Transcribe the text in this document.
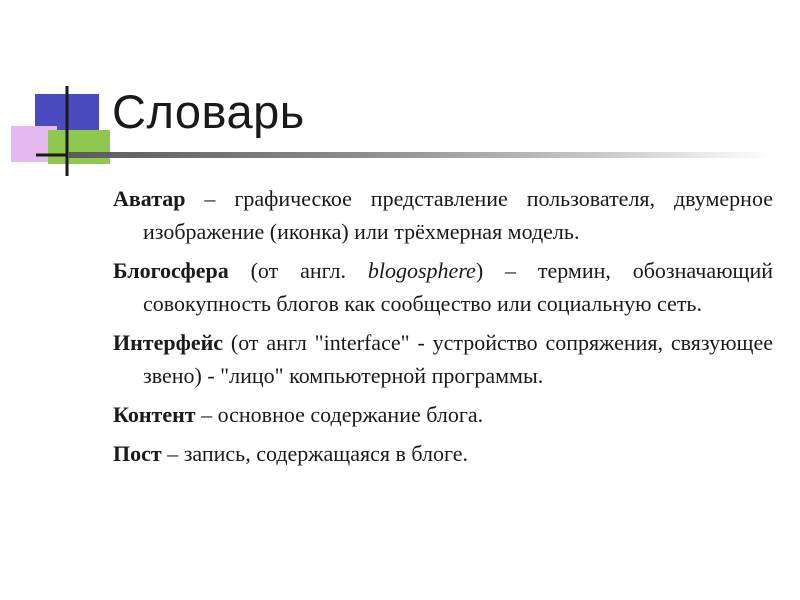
Словарь

Аватар – графическое представление пользователя, двумерное изображение (иконка) или трёхмерная модель.

Блогосфера (от англ. blogosphere) – термин, обозначающий совокупность блогов как сообщество или социальную сеть.

Интерфейс (от англ "interface" - устройство сопряжения, связующее звено) - "лицо" компьютерной программы.

Контент – основное содержание блога.

Пост – запись, содержащаяся в блоге.
